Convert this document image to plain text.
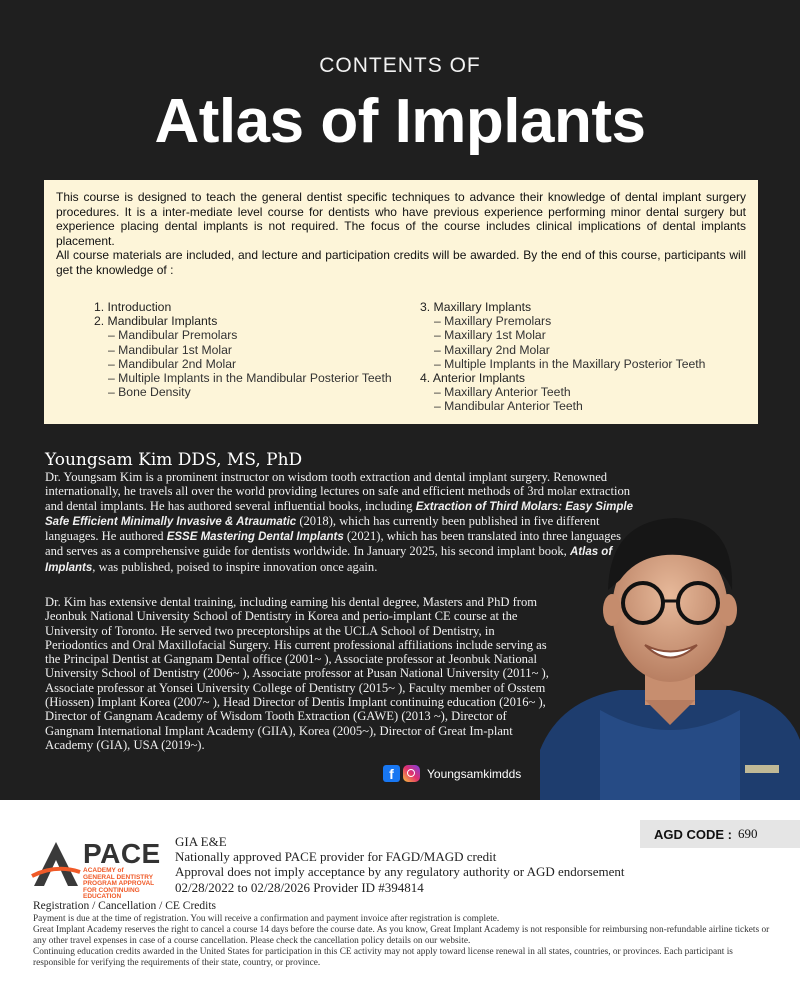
CONTENTS OF
Atlas of Implants

This course is designed to teach the general dentist specific techniques to advance their knowledge of dental implant surgery procedures. It is a inter-mediate level course for dentists who have previous experience performing minor dental surgery but experience placing dental implants is not required. The focus of the course includes clinical implications of dental implants placement.

All course materials are included, and lecture and participation credits will be awarded. By the end of this course, participants will get the knowledge of :

1. Introduction
2. Mandibular Implants
– Mandibular Premolars
– Mandibular 1st Molar
– Mandibular 2nd Molar
– Multiple Implants in the Mandibular Posterior Teeth
– Bone Density
3. Maxillary Implants
– Maxillary Premolars
– Maxillary 1st Molar
– Maxillary 2nd Molar
– Multiple Implants in the Maxillary Posterior Teeth
4. Anterior Implants
– Maxillary Anterior Teeth
– Mandibular Anterior Teeth
Youngsam Kim DDS, MS, PhD
Dr. Youngsam Kim is a prominent instructor on wisdom tooth extraction and dental implant surgery. Renowned internationally, he travels all over the world providing lectures on safe and efficient methods of 3rd molar extraction and dental implants. He has authored several influential books, including Extraction of Third Molars: Easy Simple Safe Efficient Minimally Invasive & Atraumatic (2018), which has currently been published in five different languages. He authored ESSE Mastering Dental Implants (2021), which has been translated into three languages and serves as a comprehensive guide for dentists worldwide. In January 2025, his second implant book, Atlas of Implants, was published, poised to inspire innovation once again.
Dr. Kim has extensive dental training, including earning his dental degree, Masters and PhD from Jeonbuk National University School of Dentistry in Korea and perio-implant CE course at the University of Toronto. He served two preceptorships at the UCLA School of Dentistry, in Periodontics and Oral Maxillofacial Surgery. His current professional affiliations include serving as the Principal Dentist at Gangnam Dental office (2001~ ), Associate professor at Jeonbuk National University School of Dentistry (2006~ ), Associate professor at Pusan National University (2011~ ), Associate professor at Yonsei University College of Dentistry (2015~ ), Faculty member of Osstem (Hiossen) Implant Korea (2007~ ), Head Director of Dentis Implant continuing education (2016~ ), Director of Gangnam Academy of Wisdom Tooth Extraction (GAWE) (2013 ~), Director of Gangnam International Implant Academy (GIIA), Korea (2005~), Director of Great Im-plant Academy (GIA), USA (2019~).
f	Youngsamkimdds
AGD CODE : 690
PACE
ACADEMY of
GENERAL DENTISTRY
PROGRAM APPROVAL
FOR CONTINUING
EDUCATION
GIA E&E
Nationally approved PACE provider for FAGD/MAGD credit
Approval does not imply acceptance by any regulatory authority or AGD endorsement
02/28/2022 to 02/28/2026 Provider ID #394814
Registration / Cancellation / CE Credits
Payment is due at the time of registration. You will receive a confirmation and payment invoice after registration is complete.
Great Implant Academy reserves the right to cancel a course 14 days before the course date. As you know, Great Implant Academy is not responsible for reimbursing non-refundable airline tickets or any other travel expenses in case of a course cancellation. Please check the cancellation policy details on our website.
Continuing education credits awarded in the United States for participation in this CE activity may not apply toward license renewal in all states, countries, or provinces. Each participant is responsible for verifying the requirements of their state, country, or province.
